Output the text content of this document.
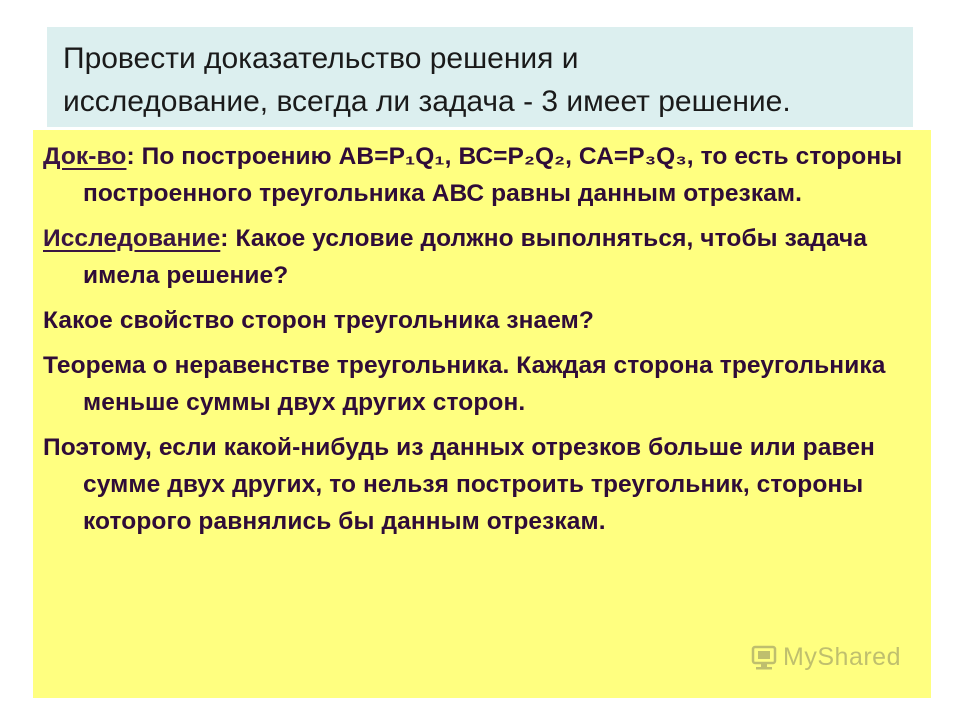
Провести доказательство решения и

исследование, всегда ли задача - 3 имеет решение.

Док-во: По построению АВ=Р₁Q₁, ВС=Р₂Q₂, СА=Р₃Q₃, то есть стороны построенного треугольника АВС равны данным отрезкам.

Исследование: Какое условие должно выполняться, чтобы задача имела решение?

Какое свойство сторон треугольника знаем?

Теорема о неравенстве треугольника. Каждая сторона треугольника меньше суммы двух других сторон.

Поэтому, если какой-нибудь из данных отрезков больше или равен сумме двух других, то нельзя построить треугольник, стороны которого равнялись бы данным отрезкам.

MyShared
